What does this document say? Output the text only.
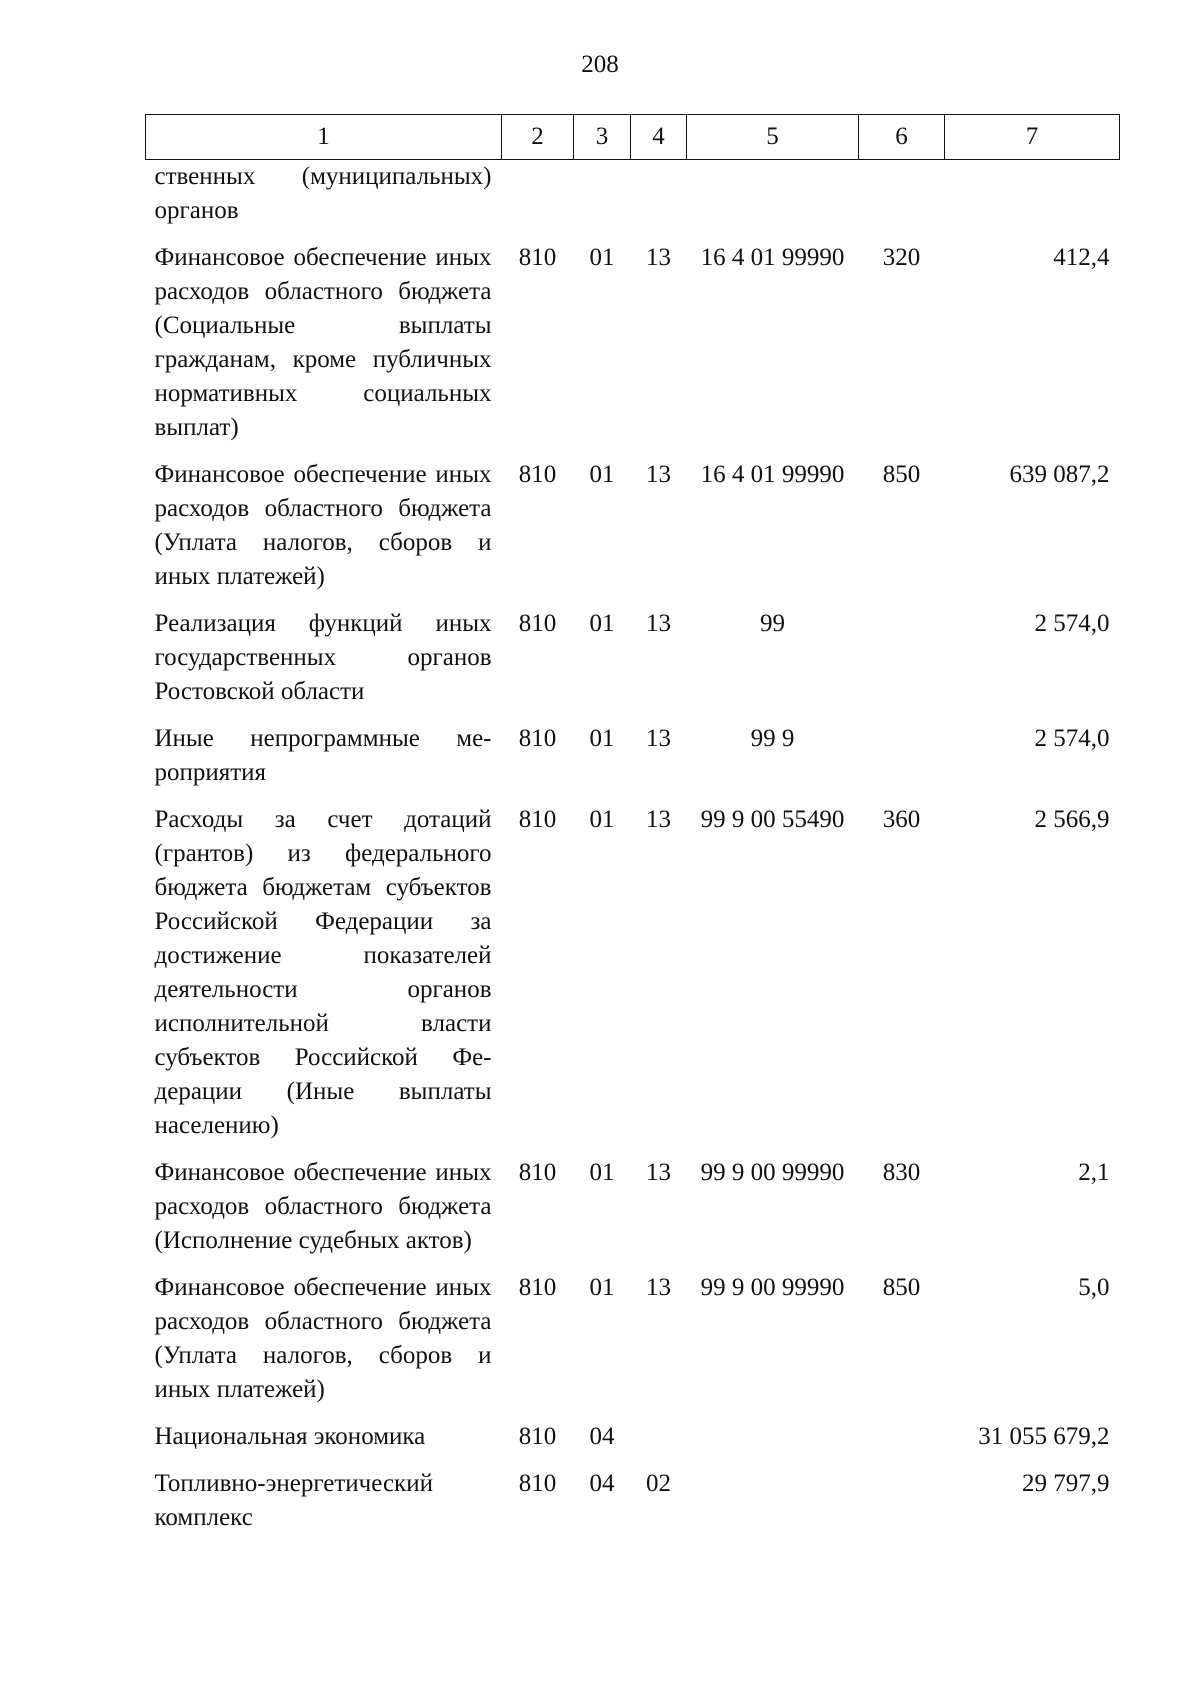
208
1	2	3	4	5	6	7
ственных (муниципальных) органов						
Финансовое обеспечение иных расходов областного бюджета (Социальные выплаты гражданам, кроме публичных нормативных социальных выплат)	810	01	13	16 4 01 99990	320	412,4
Финансовое обеспечение иных расходов областного бюджета (Уплата налогов, сборов и иных платежей)	810	01	13	16 4 01 99990	850	639 087,2
Реализация функций иных государственных органов Ростовской области	810	01	13	99		2 574,0
Иные непрограммные мероприятия	810	01	13	99 9		2 574,0
Расходы за счет дотаций (грантов) из федерального бюджета бюджетам субъектов Российской Федерации за достижение показателей деятельности органов исполнительной власти субъектов Российской Федерации (Иные выплаты населению)	810	01	13	99 9 00 55490	360	2 566,9
Финансовое обеспечение иных расходов областного бюджета (Исполнение судебных актов)	810	01	13	99 9 00 99990	830	2,1
Финансовое обеспечение иных расходов областного бюджета (Уплата налогов, сборов и иных платежей)	810	01	13	99 9 00 99990	850	5,0
Национальная экономика	810	04				31 055 679,2
Топливно-энергетический комплекс	810	04	02			29 797,9
